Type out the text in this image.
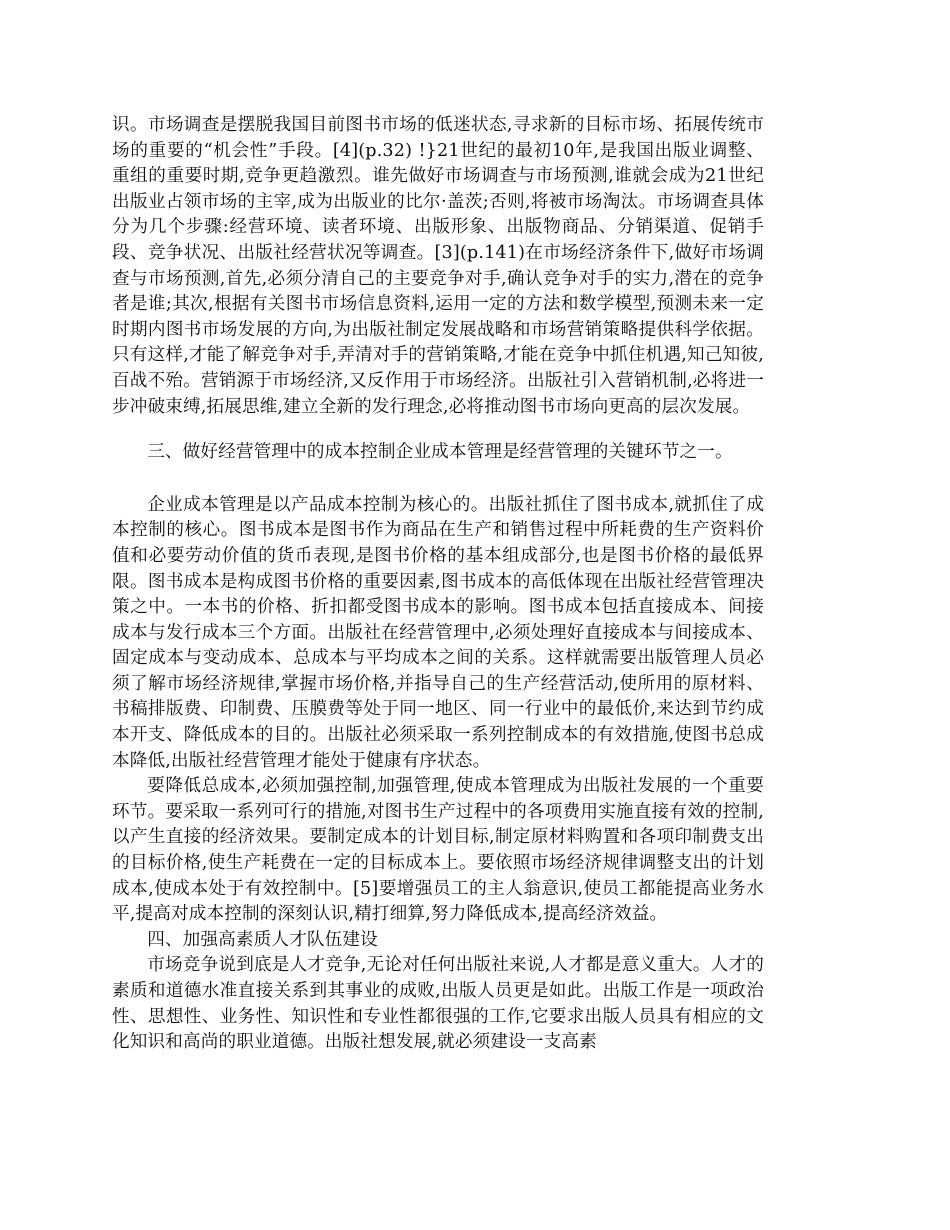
识。市场调查是摆脱我国目前图书市场的低迷状态,寻求新的目标市场、拓展传统市场的重要的“机会性”手段。[4](p.32) !}21世纪的最初10年,是我国出版业调整、重组的重要时期,竞争更趋激烈。谁先做好市场调查与市场预测,谁就会成为21世纪出版业占领市场的主宰,成为出版业的比尔·盖茨;否则,将被市场淘汰。市场调查具体分为几个步骤:经营环境、读者环境、出版形象、出版物商品、分销渠道、促销手段、竞争状况、出版社经营状况等调查。[3](p.141)在市场经济条件下,做好市场调查与市场预测,首先,必须分清自己的主要竞争对手,确认竞争对手的实力,潜在的竞争者是谁;其次,根据有关图书市场信息资料,运用一定的方法和数学模型,预测未来一定时期内图书市场发展的方向,为出版社制定发展战略和市场营销策略提供科学依据。只有这样,才能了解竞争对手,弄清对手的营销策略,才能在竞争中抓住机遇,知己知彼,百战不殆。营销源于市场经济,又反作用于市场经济。出版社引入营销机制,必将进一步冲破束缚,拓展思维,建立全新的发行理念,必将推动图书市场向更高的层次发展。

三、做好经营管理中的成本控制企业成本管理是经营管理的关键环节之一。

企业成本管理是以产品成本控制为核心的。出版社抓住了图书成本,就抓住了成本控制的核心。图书成本是图书作为商品在生产和销售过程中所耗费的生产资料价值和必要劳动价值的货币表现,是图书价格的基本组成部分,也是图书价格的最低界限。图书成本是构成图书价格的重要因素,图书成本的高低体现在出版社经营管理决策之中。一本书的价格、折扣都受图书成本的影响。图书成本包括直接成本、间接成本与发行成本三个方面。出版社在经营管理中,必须处理好直接成本与间接成本、固定成本与变动成本、总成本与平均成本之间的关系。这样就需要出版管理人员必须了解市场经济规律,掌握市场价格,并指导自己的生产经营活动,使所用的原材料、书稿排版费、印制费、压膜费等处于同一地区、同一行业中的最低价,来达到节约成本开支、降低成本的目的。出版社必须采取一系列控制成本的有效措施,使图书总成本降低,出版社经营管理才能处于健康有序状态。

要降低总成本,必须加强控制,加强管理,使成本管理成为出版社发展的一个重要环节。要采取一系列可行的措施,对图书生产过程中的各项费用实施直接有效的控制,以产生直接的经济效果。要制定成本的计划目标,制定原材料购置和各项印制费支出的目标价格,使生产耗费在一定的目标成本上。要依照市场经济规律调整支出的计划成本,使成本处于有效控制中。[5]要增强员工的主人翁意识,使员工都能提高业务水平,提高对成本控制的深刻认识,精打细算,努力降低成本,提高经济效益。

四、加强高素质人才队伍建设

市场竞争说到底是人才竞争,无论对任何出版社来说,人才都是意义重大。人才的素质和道德水准直接关系到其事业的成败,出版人员更是如此。出版工作是一项政治性、思想性、业务性、知识性和专业性都很强的工作,它要求出版人员具有相应的文化知识和高尚的职业道德。出版社想发展,就必须建设一支高素
